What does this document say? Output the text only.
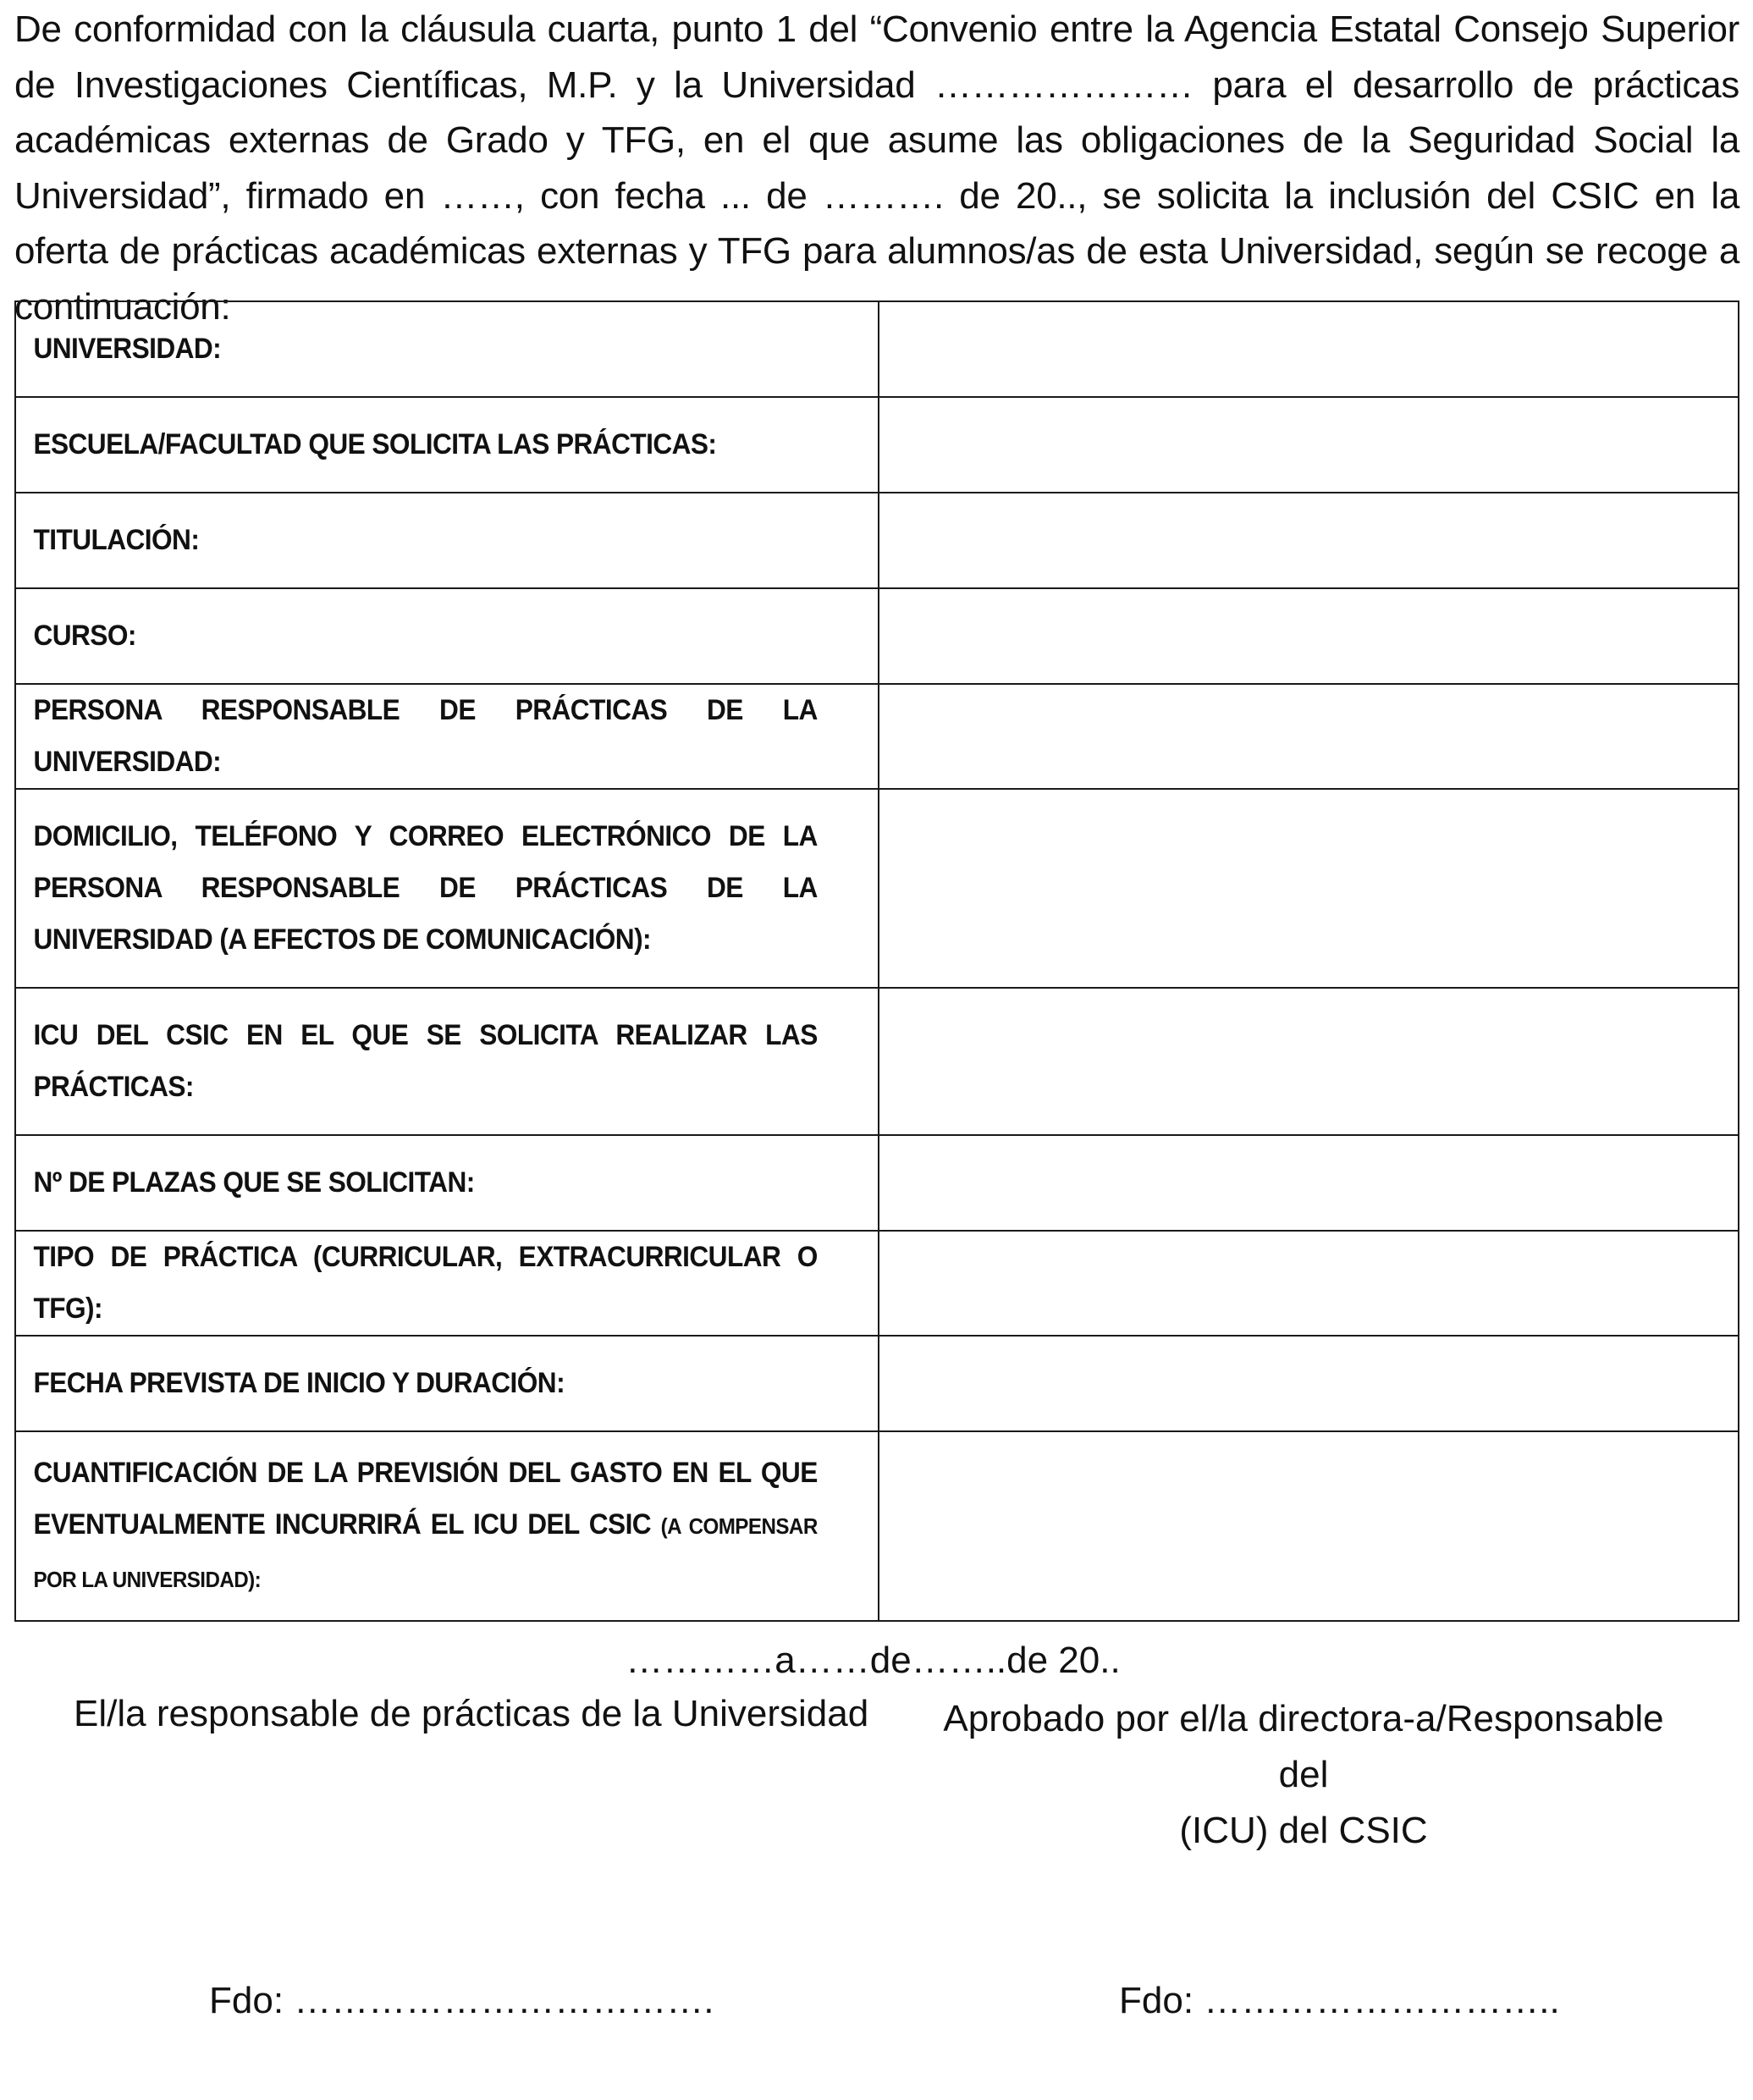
De conformidad con la cláusula cuarta, punto 1 del “Convenio entre la Agencia Estatal Consejo Superior de Investigaciones Científicas, M.P. y la Universidad ………………… para el desarrollo de prácticas académicas externas de Grado y TFG, en el que asume las obligaciones de la Seguridad Social la Universidad”, firmado en ……, con fecha ... de ………. de 20.., se solicita la inclusión del CSIC en la oferta de prácticas académicas externas y TFG para alumnos/as de esta Universidad, según se recoge a continuación:

UNIVERSIDAD:	

ESCUELA/FACULTAD QUE SOLICITA LAS PRÁCTICAS:	

TITULACIÓN:	

CURSO:	

PERSONA RESPONSABLE DE PRÁCTICAS DE LA UNIVERSIDAD:	

DOMICILIO, TELÉFONO Y CORREO ELECTRÓNICO DE LA PERSONA RESPONSABLE DE PRÁCTICAS DE LA UNIVERSIDAD (A EFECTOS DE COMUNICACIÓN):	

ICU DEL CSIC EN EL QUE SE SOLICITA REALIZAR LAS PRÁCTICAS:	

Nº DE PLAZAS QUE SE SOLICITAN:	

TIPO DE PRÁCTICA (CURRICULAR, EXTRACURRICULAR O TFG):	

FECHA PREVISTA DE INICIO Y DURACIÓN:	

CUANTIFICACIÓN DE LA PREVISIÓN DEL GASTO EN EL QUE EVENTUALMENTE INCURRIRÁ EL ICU DEL CSIC (A COMPENSAR POR LA UNIVERSIDAD):	

…………a……de……..de 20..
El/la responsable de prácticas de la Universidad	Aprobado por el/la directora-a/Responsable del
(ICU) del CSIC
Fdo: …………………………….	Fdo: ………………………..
